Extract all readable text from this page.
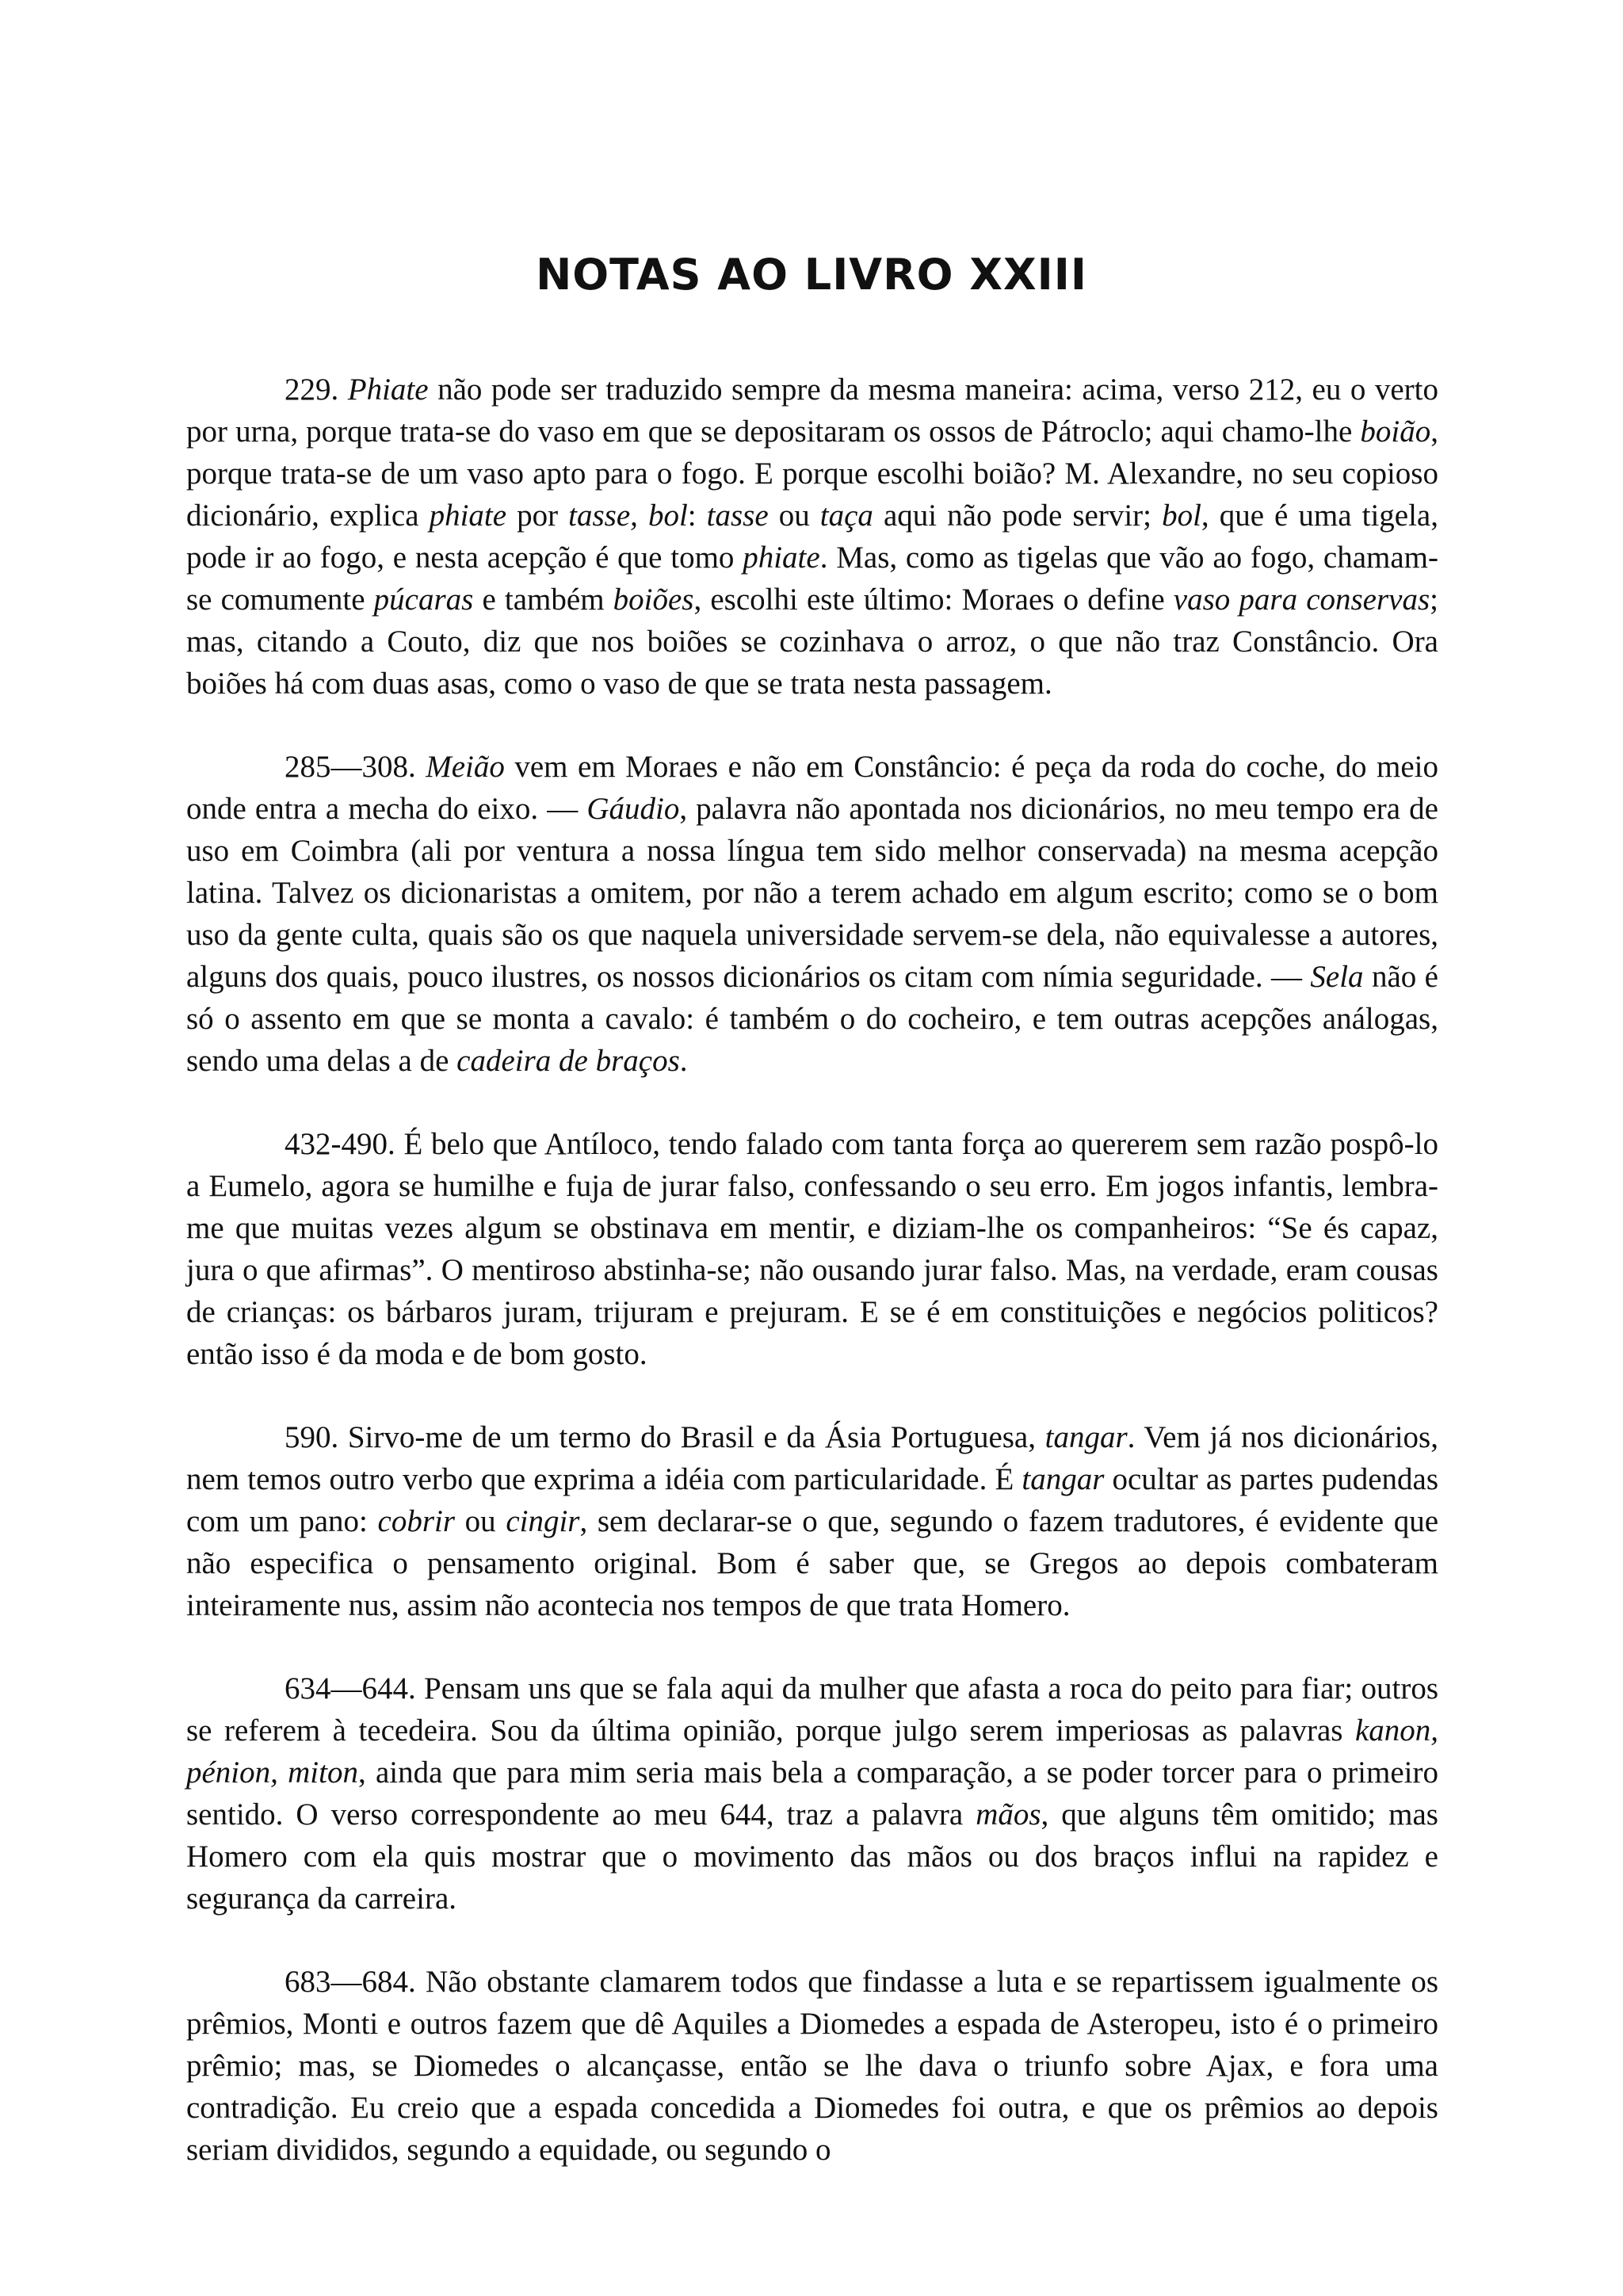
NOTAS AO LIVRO XXIII

229. Phiate não pode ser traduzido sempre da mesma maneira: acima, verso 212, eu o verto por urna, porque trata-se do vaso em que se depositaram os ossos de Pátroclo; aqui chamo-lhe boião, porque trata-se de um vaso apto para o fogo. E porque escolhi boião? M. Alexandre, no seu copioso dicionário, explica phiate por tasse, bol: tasse ou taça aqui não pode servir; bol, que é uma tigela, pode ir ao fogo, e nesta acepção é que tomo phiate. Mas, como as tigelas que vão ao fogo, chamam-se comumente púcaras e também boiões, escolhi este último: Moraes o define vaso para conservas; mas, citando a Couto, diz que nos boiões se cozinhava o arroz, o que não traz Constâncio. Ora boiões há com duas asas, como o vaso de que se trata nesta passagem.

285—308. Meião vem em Moraes e não em Constâncio: é peça da roda do coche, do meio onde entra a mecha do eixo. — Gáudio, palavra não apontada nos dicionários, no meu tempo era de uso em Coimbra (ali por ventura a nossa língua tem sido melhor conservada) na mesma acepção latina. Talvez os dicionaristas a omitem, por não a terem achado em algum escrito; como se o bom uso da gente culta, quais são os que naquela universidade servem-se dela, não equivalesse a autores, alguns dos quais, pouco ilustres, os nossos dicionários os citam com nímia seguridade. — Sela não é só o assento em que se monta a cavalo: é também o do cocheiro, e tem outras acepções análogas, sendo uma delas a de cadeira de braços.

432-490. É belo que Antíloco, tendo falado com tanta força ao quererem sem razão pospô-lo a Eumelo, agora se humilhe e fuja de jurar falso, confessando o seu erro. Em jogos infantis, lembra-me que muitas vezes algum se obstinava em mentir, e diziam-lhe os companheiros: “Se és capaz, jura o que afirmas”. O mentiroso abstinha-se; não ousando jurar falso. Mas, na verdade, eram cousas de crianças: os bárbaros juram, trijuram e prejuram. E se é em constituições e negócios politicos? então isso é da moda e de bom gosto.

590. Sirvo-me de um termo do Brasil e da Ásia Portuguesa, tangar. Vem já nos dicionários, nem temos outro verbo que exprima a idéia com particularidade. É tangar ocultar as partes pudendas com um pano: cobrir ou cingir, sem declarar-se o que, segundo o fazem tradutores, é evidente que não especifica o pensamento original. Bom é saber que, se Gregos ao depois combateram inteiramente nus, assim não acontecia nos tempos de que trata Homero.

634—644. Pensam uns que se fala aqui da mulher que afasta a roca do peito para fiar; outros se referem à tecedeira. Sou da última opinião, porque julgo serem imperiosas as palavras kanon, pénion, miton, ainda que para mim seria mais bela a comparação, a se poder torcer para o primeiro sentido. O verso correspondente ao meu 644, traz a palavra mãos, que alguns têm omitido; mas Homero com ela quis mostrar que o movimento das mãos ou dos braços influi na rapidez e segurança da carreira.

683—684. Não obstante clamarem todos que findasse a luta e se repartissem igualmente os prêmios, Monti e outros fazem que dê Aquiles a Diomedes a espada de Asteropeu, isto é o primeiro prêmio; mas, se Diomedes o alcançasse, então se lhe dava o triunfo sobre Ajax, e fora uma contradição. Eu creio que a espada concedida a Diomedes foi outra, e que os prêmios ao depois seriam divididos, segundo a equidade, ou segundo o
